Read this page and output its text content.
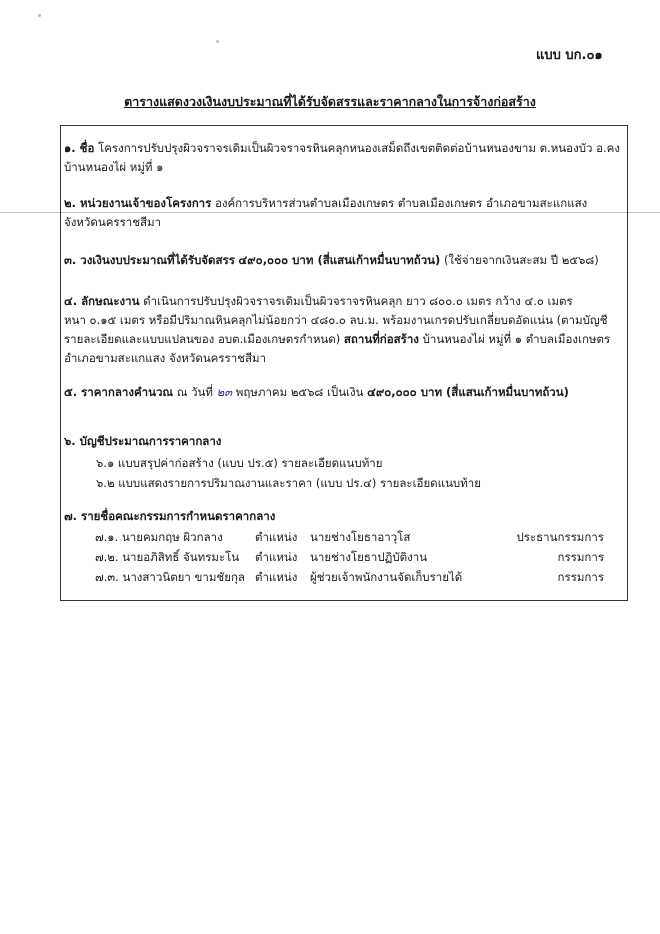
แบบ บก.๐๑
ตารางแสดงวงเงินงบประมาณที่ได้รับจัดสรรและราคากลางในการจ้างก่อสร้าง
๑. ชื่อ โครงการปรับปรุงผิวจราจรเดิมเป็นผิวจราจรหินคลุกหนองเสม็ดถึงเขตติดต่อบ้านหนองขาม ต.หนองบัว อ.คง
บ้านหนองไผ่ หมู่ที่ ๑
๒. หน่วยงานเจ้าของโครงการ องค์การบริหารส่วนตำบลเมืองเกษตร ตำบลเมืองเกษตร อำเภอขามสะแกแสง
จังหวัดนครราชสีมา
๓. วงเงินงบประมาณที่ได้รับจัดสรร ๔๙๐,๐๐๐ บาท (สี่แสนเก้าหมื่นบาทถ้วน) (ใช้จ่ายจากเงินสะสม ปี ๒๕๖๘)
๔. ลักษณะงาน ดำเนินการปรับปรุงผิวจราจรเดิมเป็นผิวจราจรหินคลุก ยาว ๘๐๐.๐ เมตร กว้าง ๔.๐ เมตร
หนา ๐.๑๕ เมตร หรือมีปริมาณหินคลุกไม่น้อยกว่า ๔๘๐.๐ ลบ.ม. พร้อมงานเกรดปรับเกลี่ยบดอัดแน่น (ตามบัญชี
รายละเอียดและแบบแปลนของ อบต.เมืองเกษตรกำหนด) สถานที่ก่อสร้าง บ้านหนองไผ่ หมู่ที่ ๑ ตำบลเมืองเกษตร
อำเภอขามสะแกแสง จังหวัดนครราชสีมา
๕. ราคากลางคำนวณ ณ วันที่ ๒๓ พฤษภาคม ๒๕๖๘ เป็นเงิน ๔๙๐,๐๐๐ บาท (สี่แสนเก้าหมื่นบาทถ้วน)
๖. บัญชีประมาณการราคากลาง
๖.๑ แบบสรุปค่าก่อสร้าง (แบบ ปร.๕) รายละเอียดแนบท้าย
๖.๒ แบบแสดงรายการปริมาณงานและราคา (แบบ ปร.๔) รายละเอียดแนบท้าย
๗. รายชื่อคณะกรรมการกำหนดราคากลาง
๗.๑. นายคมกฤษ ผิวกลาง	ตำแหน่ง นายช่างโยธาอาวุโส	ประธานกรรมการ
๗.๒. นายอภิสิทธิ์ จันทรมะโน ตำแหน่ง นายช่างโยธาปฏิบัติงาน	กรรมการ
๗.๓. นางสาวนิตยา ขามชัยกุล ตำแหน่ง ผู้ช่วยเจ้าพนักงานจัดเก็บรายได้	กรรมการ
